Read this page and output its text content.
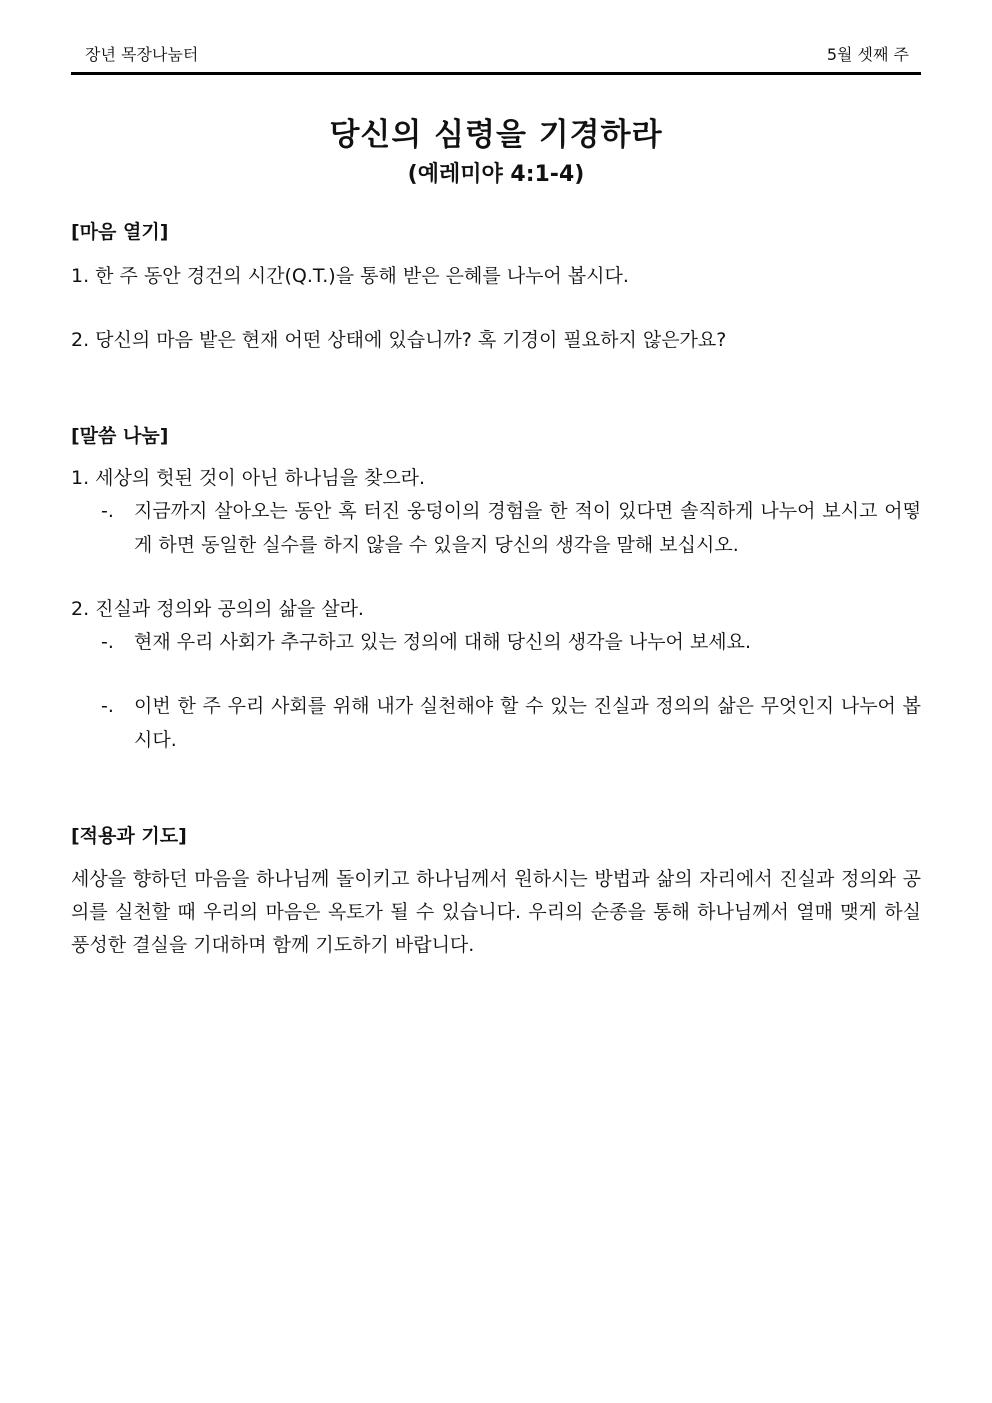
장년 목장나눔터	5월 셋째 주
당신의 심령을 기경하라
(예레미야 4:1-4)
[마음 열기]
1. 한 주 동안 경건의 시간(Q.T.)을 통해 받은 은혜를 나누어 봅시다.
2. 당신의 마음 밭은 현재 어떤 상태에 있습니까? 혹 기경이 필요하지 않은가요?
[말씀 나눔]
1. 세상의 헛된 것이 아닌 하나님을 찾으라.
-. 지금까지 살아오는 동안 혹 터진 웅덩이의 경험을 한 적이 있다면 솔직하게 나누어 보시고 어떻게 하면 동일한 실수를 하지 않을 수 있을지 당신의 생각을 말해 보십시오.
2. 진실과 정의와 공의의 삶을 살라.
-. 현재 우리 사회가 추구하고 있는 정의에 대해 당신의 생각을 나누어 보세요.
-. 이번 한 주 우리 사회를 위해 내가 실천해야 할 수 있는 진실과 정의의 삶은 무엇인지 나누어 봅시다.
[적용과 기도]
세상을 향하던 마음을 하나님께 돌이키고 하나님께서 원하시는 방법과 삶의 자리에서 진실과 정의와 공의를 실천할 때 우리의 마음은 옥토가 될 수 있습니다. 우리의 순종을 통해 하나님께서 열매 맺게 하실 풍성한 결실을 기대하며 함께 기도하기 바랍니다.
